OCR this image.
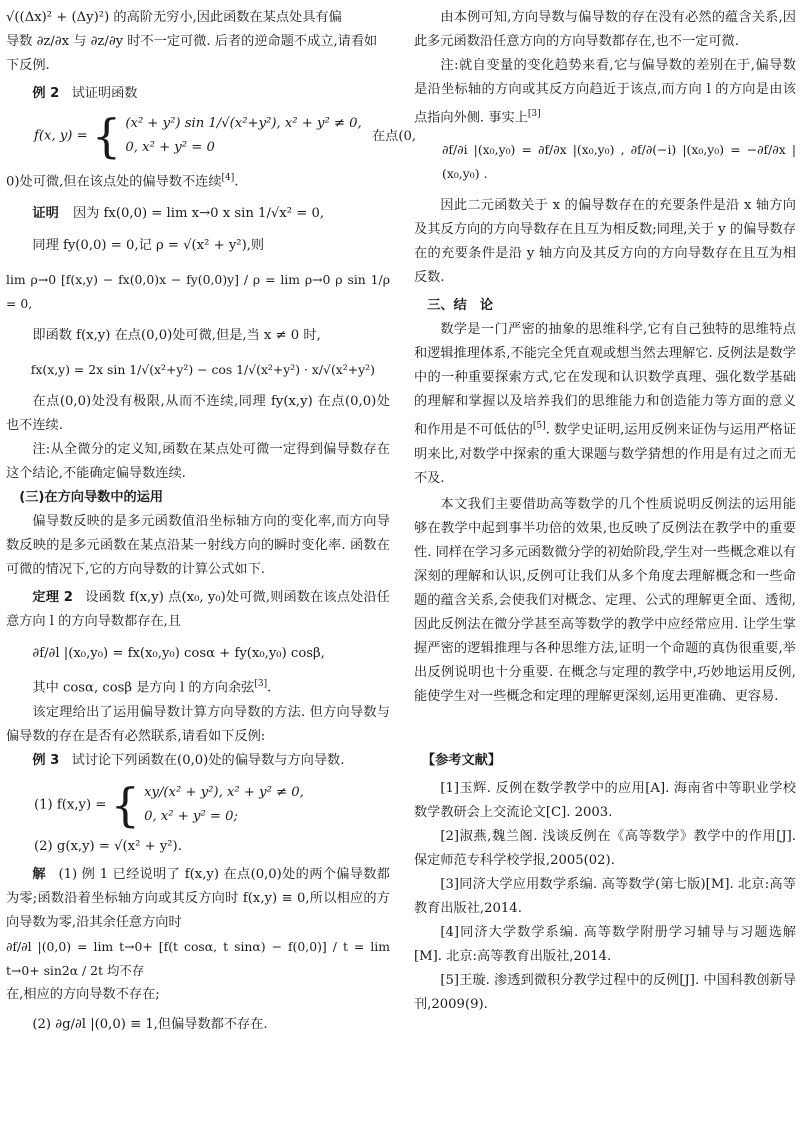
√((Δx)² + (Δy)²) 的高阶无穷小,因此函数在某点处具有偏

导数 ∂z/∂x 与 ∂z/∂y 时不一定可微. 后者的逆命题不成立,请看如

下反例.

例 2 试证明函数

f(x, y) = { (x² + y²) sin 1/√(x²+y²), x² + y² ≠ 0,
0, x² + y² = 0
在点(0,

0)处可微,但在该点处的偏导数不连续[4].

证明 因为 fx(0,0) = lim x→0 x sin 1/√x² = 0,

同理 fy(0,0) = 0,记 ρ = √(x² + y²),则

lim ρ→0 [f(x,y) − fx(0,0)x − fy(0,0)y] / ρ = lim ρ→0 ρ sin 1/ρ = 0,

即函数 f(x,y) 在点(0,0)处可微,但是,当 x ≠ 0 时,

fx(x,y) = 2x sin 1/√(x²+y²) − cos 1/√(x²+y²) · x/√(x²+y²)

在点(0,0)处没有极限,从而不连续,同理 fy(x,y) 在点(0,0)处也不连续.

注:从全微分的定义知,函数在某点处可微一定得到偏导数存在这个结论,不能确定偏导数连续.

(三)在方向导数中的运用

偏导数反映的是多元函数值沿坐标轴方向的变化率,而方向导数反映的是多元函数在某点沿某一射线方向的瞬时变化率. 函数在可微的情况下,它的方向导数的计算公式如下.

定理 2 设函数 f(x,y) 点(x₀, y₀)处可微,则函数在该点处沿任意方向 l 的方向导数都存在,且

∂f/∂l |(x₀,y₀) = fx(x₀,y₀) cosα + fy(x₀,y₀) cosβ,

其中 cosα, cosβ 是方向 l 的方向余弦[3].

该定理给出了运用偏导数计算方向导数的方法. 但方向导数与偏导数的存在是否有必然联系,请看如下反例:

例 3 试讨论下列函数在(0,0)处的偏导数与方向导数.

(1) f(x,y) = { xy/(x² + y²), x² + y² ≠ 0,
0, x² + y² = 0;

(2) g(x,y) = √(x² + y²).

解 (1) 例 1 已经说明了 f(x,y) 在点(0,0)处的两个偏导数都为零;函数沿着坐标轴方向或其反方向时 f(x,y) ≡ 0,所以相应的方向导数为零,沿其余任意方向时

∂f/∂l |(0,0) = lim t→0+ [f(t cosα, t sinα) − f(0,0)] / t = lim t→0+ sin2α / 2t 均不存

在,相应的方向导数不存在;

(2) ∂g/∂l |(0,0) ≡ 1,但偏导数都不存在.

由本例可知,方向导数与偏导数的存在没有必然的蕴含关系,因此多元函数沿任意方向的方向导数都存在,也不一定可微.

注:就自变量的变化趋势来看,它与偏导数的差别在于,偏导数是沿坐标轴的方向或其反方向趋近于该点,而方向 l 的方向是由该点指向外侧. 事实上[3]

∂f/∂i |(x₀,y₀) = ∂f/∂x |(x₀,y₀) , ∂f/∂(−i) |(x₀,y₀) = −∂f/∂x |(x₀,y₀) .

因此二元函数关于 x 的偏导数存在的充要条件是沿 x 轴方向及其反方向的方向导数存在且互为相反数;同理,关于 y 的偏导数存在的充要条件是沿 y 轴方向及其反方向的方向导数存在且互为相反数.

三、结　论

数学是一门严密的抽象的思维科学,它有自己独特的思维特点和逻辑推理体系,不能完全凭直观或想当然去理解它. 反例法是数学中的一种重要探索方式,它在发现和认识数学真理、强化数学基础的理解和掌握以及培养我们的思维能力和创造能力等方面的意义和作用是不可低估的[5]. 数学史证明,运用反例来证伪与运用严格证明来比,对数学中探索的重大课题与数学猜想的作用是有过之而无不及.

本文我们主要借助高等数学的几个性质说明反例法的运用能够在教学中起到事半功倍的效果,也反映了反例法在教学中的重要性. 同样在学习多元函数微分学的初始阶段,学生对一些概念难以有深刻的理解和认识,反例可让我们从多个角度去理解概念和一些命题的蕴含关系,会使我们对概念、定理、公式的理解更全面、透彻,因此反例法在微分学甚至高等数学的教学中应经常应用. 让学生掌握严密的逻辑推理与各种思维方法,证明一个命题的真伪很重要,举出反例说明也十分重要. 在概念与定理的教学中,巧妙地运用反例,能使学生对一些概念和定理的理解更深刻,运用更准确、更容易.

【参考文献】

[1]玉辉. 反例在数学教学中的应用[A]. 海南省中等职业学校数学教研会上交流论文[C]. 2003.

[2]淑燕,魏兰阁. 浅谈反例在《高等数学》教学中的作用[J]. 保定师范专科学校学报,2005(02).

[3]同济大学应用数学系编. 高等数学(第七版)[M]. 北京:高等教育出版社,2014.

[4]同济大学数学系编. 高等数学附册学习辅导与习题选解[M]. 北京:高等教育出版社,2014.

[5]王璇. 渗透到微积分教学过程中的反例[J]. 中国科教创新导刊,2009(9).
